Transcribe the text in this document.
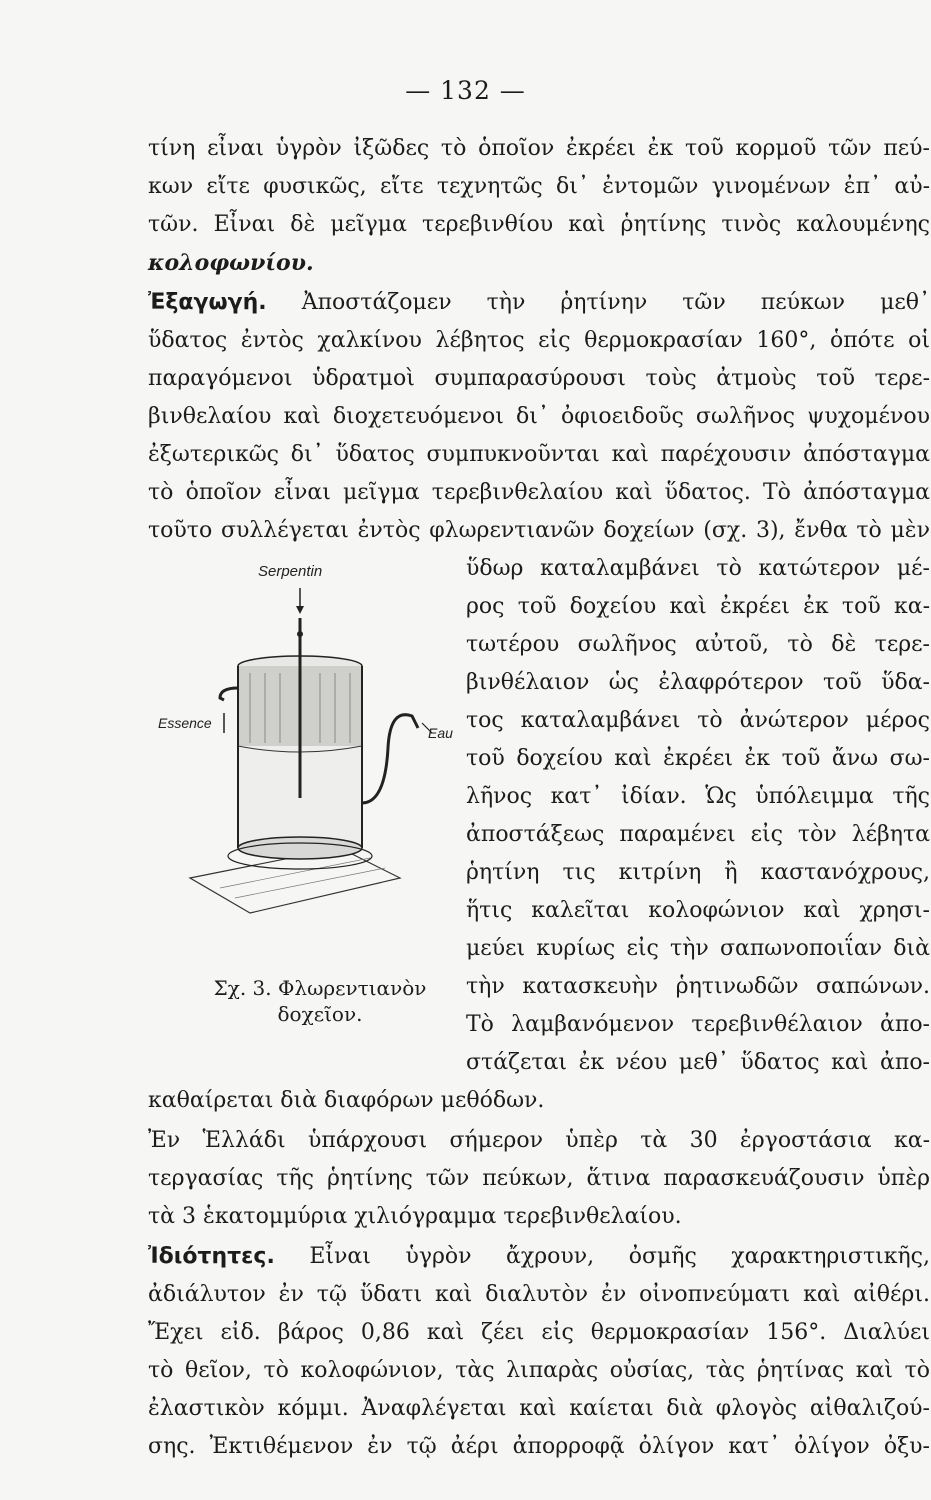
— 132 —
τίνη εἶναι ὑγρὸν ἰξῶδες τὸ ὁποῖον ἐκρέει ἐκ τοῦ κορμοῦ τῶν πεύ-
κων εἴτε φυσικῶς, εἴτε τεχνητῶς δι᾽ ἐντομῶν γινομένων ἐπ᾽ αὐ-
τῶν. Εἶναι δὲ μεῖγμα τερεβινθίου καὶ ῥητίνης τινὸς καλουμένης
κολοφωνίου.
Ἐξαγωγή. Ἀποστάζομεν τὴν ῥητίνην τῶν πεύκων μεθ᾽
ὕδατος ἐντὸς χαλκίνου λέβητος εἰς θερμοκρασίαν 160°, ὁπότε οἱ
παραγόμενοι ὑδρατμοὶ συμπαρασύρουσι τοὺς ἀτμοὺς τοῦ τερε-
βινθελαίου καὶ διοχετευόμενοι δι᾽ ὀφιοειδοῦς σωλῆνος ψυχομένου
ἐξωτερικῶς δι᾽ ὕδατος συμπυκνοῦνται καὶ παρέχουσιν ἀπόσταγμα
τὸ ὁποῖον εἶναι μεῖγμα τερεβινθελαίου καὶ ὕδατος. Τὸ ἀπόσταγμα
τοῦτο συλλέγεται ἐντὸς φλωρεντιανῶν δοχείων (σχ. 3), ἔνθα τὸ μὲν
ὕδωρ καταλαμβάνει τὸ κατώτερον μέ-
ρος τοῦ δοχείου καὶ ἐκρέει ἐκ τοῦ κα-
τωτέρου σωλῆνος αὐτοῦ, τὸ δὲ τερε-
βινθέλαιον ὡς ἐλαφρότερον τοῦ ὕδα-
τος καταλαμβάνει τὸ ἀνώτερον μέρος
τοῦ δοχείου καὶ ἐκρέει ἐκ τοῦ ἄνω σω-
λῆνος κατ᾽ ἰδίαν. Ὡς ὑπόλειμμα τῆς
ἀποστάξεως παραμένει εἰς τὸν λέβητα
ῥητίνη τις κιτρίνη ἢ καστανόχρους,
ἥτις καλεῖται κολοφώνιον καὶ χρησι-
μεύει κυρίως εἰς τὴν σαπωνοποιΐαν διὰ
τὴν κατασκευὴν ῥητινωδῶν σαπώνων.
Τὸ λαμβανόμενον τερεβινθέλαιον ἀπο-
στάζεται ἐκ νέου μεθ᾽ ὕδατος καὶ ἀπο-
Serpentin
Essence
Eau
Σχ. 3. Φλωρεντιανὸν
δοχεῖον.
καθαίρεται διὰ διαφόρων μεθόδων.
Ἐν Ἑλλάδι ὑπάρχουσι σήμερον ὑπὲρ τὰ 30 ἐργοστάσια κα-
τεργασίας τῆς ῥητίνης τῶν πεύκων, ἅτινα παρασκευάζουσιν ὑπὲρ
τὰ 3 ἑκατομμύρια χιλιόγραμμα τερεβινθελαίου.
Ἰδιότητες. Εἶναι ὑγρὸν ἄχρουν, ὀσμῆς χαρακτηριστικῆς,
ἀδιάλυτον ἐν τῷ ὕδατι καὶ διαλυτὸν ἐν οἰνοπνεύματι καὶ αἰθέρι.
Ἔχει εἰδ. βάρος 0,86 καὶ ζέει εἰς θερμοκρασίαν 156°. Διαλύει
τὸ θεῖον, τὸ κολοφώνιον, τὰς λιπαρὰς οὐσίας, τὰς ῥητίνας καὶ τὸ
ἐλαστικὸν κόμμι. Ἀναφλέγεται καὶ καίεται διὰ φλογὸς αἰθαλιζού-
σης. Ἐκτιθέμενον ἐν τῷ ἀέρι ἀπορροφᾷ ὀλίγον κατ᾽ ὀλίγον ὀξυ-
